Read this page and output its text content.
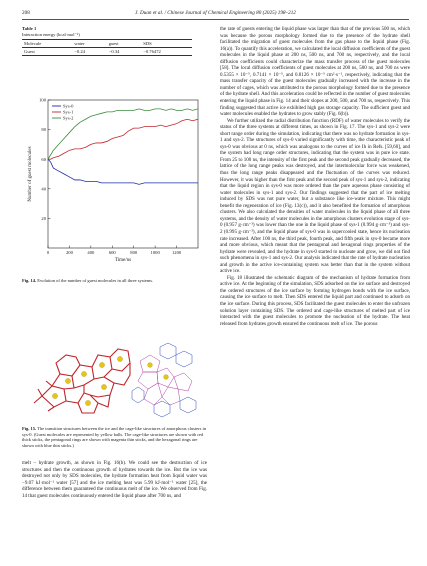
208	J. Duan et al. / Chinese Journal of Chemical Engineering 80 (2025) 198–212
Table 1
Interaction energy (kcal·mol⁻¹)
Molecule	water	guest	SDS
Guest	−0.24	−0.34	−0.76472
0	200	400	600	800	1000	1200
20
40
60
80
100
Time/ns
Number of guest molecules
Sys-0
Sys-1
Sys-2
Fig. 14. Evolution of the number of guest molecules in all three systems.
Fig. 15. The transition structures between the ice and the cage-like structures of amorphous clusters in sys-0. (Guest molecules are represented by yellow balls. The cage-like structures are shown with red thick sticks, the pentagonal rings are shown with magenta thin sticks, and the hexagonal rings are shown with blue thin sticks.)

melt – hydrate growth, as shown in Fig. 16(b). We could see the destruction of ice structures and then the continuous growth of hydrates towards the ice. But the ice was destroyed not only by SDS molecules, the hydrate formation heat from liquid water was −9.07 kJ·mol⁻¹ water [57] and the ice melting heat was 5.99 kJ·mol⁻¹ water [25], the difference between them guaranteed the continuous melt of the ice. We observed from Fig. 14 that guest molecules continuously entered the liquid phase after 700 ns, and

the rate of guests entering the liquid phase was larger than that of the previous 500 ns, which was because the porous morphology formed due to the presence of the hydrate shell facilitated the migration of guest molecules from the gas phase to the liquid phase (Fig. 16(a)). To quantify this acceleration, we calculated the local diffusion coefficients of the guest molecules in the liquid phase at 200 ns, 500 ns, and 700 ns, respectively, and the local diffusion coefficients could characterize the mass transfer process of the guest molecules [58]. The local diffusion coefficients of guest molecules at 200 ns, 500 ns, and 700 ns were 0.5355 × 10⁻⁵, 0.7141 × 10⁻⁵, and 0.8126 × 10⁻⁵ cm²·s⁻¹, respectively, indicating that the mass transfer capacity of the guest molecules gradually increased with the increase in the number of cages, which was attributed to the porous morphology formed due to the presence of the hydrate shell. And this acceleration could be reflected in the number of guest molecules entering the liquid phase in Fig. 14 and their slopes at 200, 500, and 700 ns, respectively. This finding suggested that active ice exhibited high gas storage capacity. The sufficient guest and water molecules enabled the hydrates to grow stably (Fig. 6(b)).

We further utilized the radial distribution function (RDF) of water molecules to verify the status of the three systems at different times, as shown in Fig. 17. The sys-1 and sys-2 were short range order during the simulation, indicating that there was no hydrate formation in sys-1 and sys-2. The structures of sys-0 varied significantly with time, the characteristic peak of sys-0 was obvious at 0 ns, which was analogous to the curves of ice Ih in Refs. [59,60], and the system had long range order structures, indicating that the system was in pure ice state. From 25 to 100 ns, the intensity of the first peak and the second peak gradually decreased, the lattice of the long range peaks was destroyed, and the intermolecular force was weakened, thus the long range peaks disappeared and the fluctuation of the curves was reduced. However, it was higher than the first peak and the second peak of sys-1 and sys-2, indicating that the liquid region in sys-0 was more ordered than the pure aqueous phase consisting of water molecules in sys-1 and sys-2. Our findings suggested that the part of ice melting induced by SDS was not pure water, but a substance like ice-water mixture. This might benefit the regeneration of ice (Fig. 13(c)), and it also benefited the formation of amorphous clusters. We also calculated the densities of water molecules in the liquid phase of all three systems, and the density of water molecules in the amorphous clusters evolution stage of sys-0 (0.957 g·cm⁻³) was lower than the one in the liquid phase of sys-1 (0.994 g·cm⁻³) and sys-2 (0.995 g·cm⁻³), and the liquid phase of sys-0 was in supercooled state, hence its nucleation rate increased. After 100 ns, the third peak, fourth peak, and fifth peak in sys-0 became more and more obvious, which meant that the pentagonal and hexagonal rings properties of the hydrate were revealed, and the hydrate in sys-0 started to nucleate and grow, we did not find such phenomena in sys-1 and sys-2. Our analysis indicated that the rate of hydrate nucleation and growth in the active ice-containing system was better than that in the system without active ice.

Fig. 18 illustrated the schematic diagram of the mechanism of hydrate formation from active ice. At the beginning of the simulation, SDS adsorbed on the ice surface and destroyed the ordered structures of the ice surface by forming hydrogen bonds with the ice surface, causing the ice surface to melt. Then SDS entered the liquid part and continued to adsorb on the ice surface. During this process, SDS facilitated the guest molecules to enter the unfrozen solution layer containing SDS. The ordered and cage-like structures of melted part of ice interacted with the guest molecules to promote the nucleation of the hydrate. The heat released from hydrates growth ensured the continuous melt of ice. The porous
